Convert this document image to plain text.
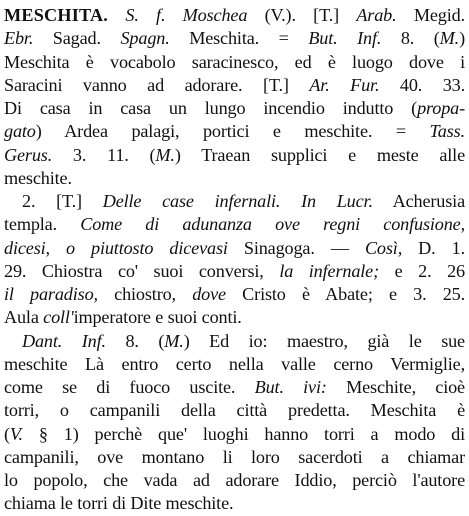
MESCHITA. S. f. Moschea (V.). [T.] Arab. Megid.
Ebr. Sagad. Spagn. Meschita. = But. Inf. 8. (M.)
Meschita è vocabolo saracinesco, ed è luogo dove i
Saracini vanno ad adorare. [T.] Ar. Fur. 40. 33.
Di casa in casa un lungo incendio indutto (propa-
gato) Ardea palagi, portici e meschite. = Tass.
Gerus. 3. 11. (M.) Traean supplici e meste alle
meschite.
2. [T.] Delle case infernali. In Lucr. Acherusia
templa. Come di adunanza ove regni confusione,
dicesi, o piuttosto dicevasi Sinagoga. — Così, D. 1.
29. Chiostra co' suoi conversi, la infernale; e 2. 26
il paradiso, chiostro, dove Cristo è Abate; e 3. 25.
Aula coll'imperatore e suoi conti.
Dant. Inf. 8. (M.) Ed io: maestro, già le sue
meschite Là entro certo nella valle cerno Vermiglie,
come se di fuoco uscite. But. ivi: Meschite, cioè
torri, o campanili della città predetta. Meschita è
(V. § 1) perchè que' luoghi hanno torri a modo di
campanili, ove montano li loro sacerdoti a chiamar
lo popolo, che vada ad adorare Iddio, perciò l'autore
chiama le torri di Dite meschite.
